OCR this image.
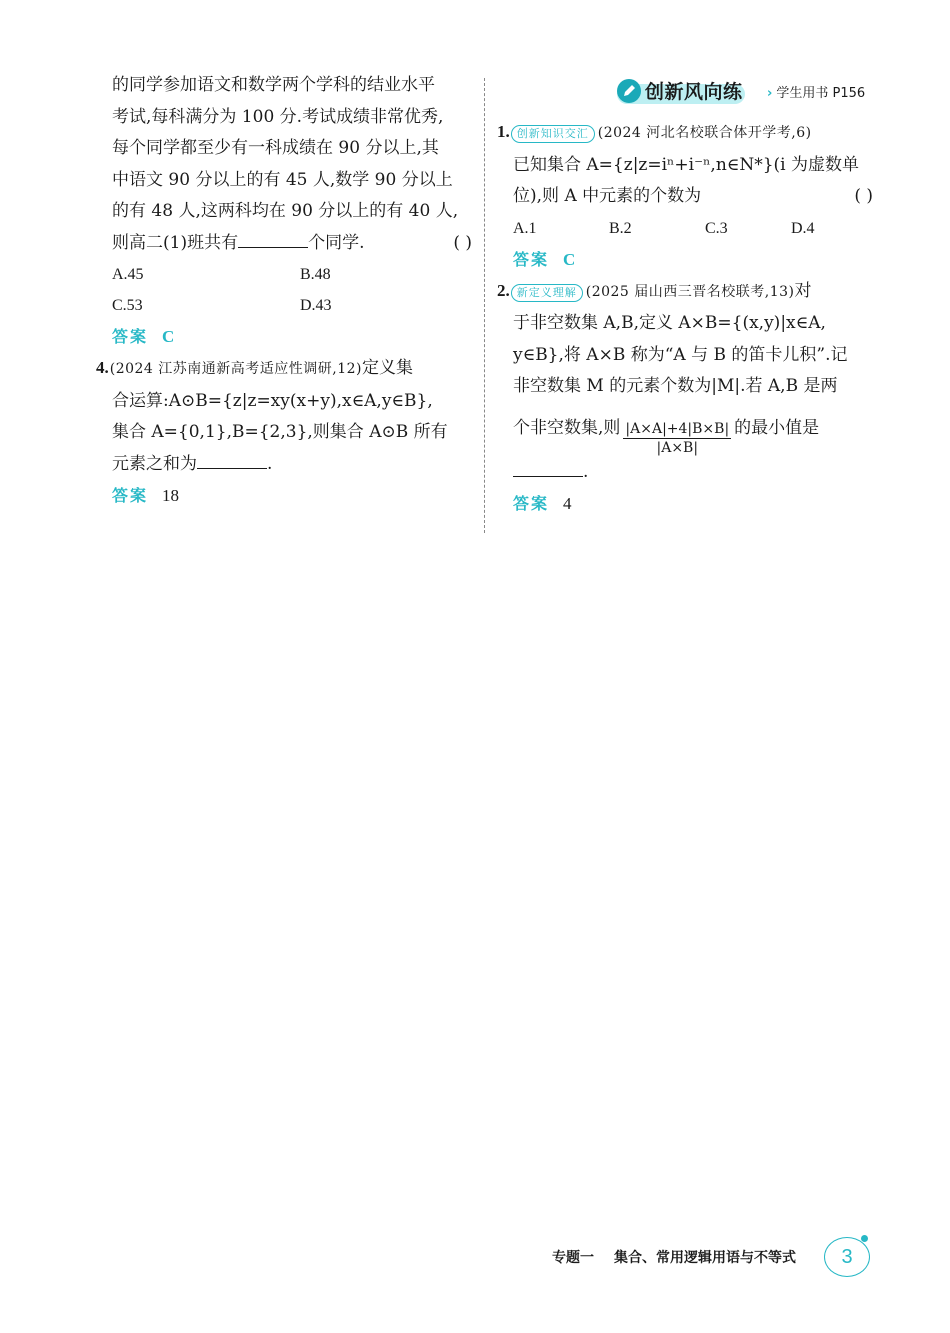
的同学参加语文和数学两个学科的结业水平
考试,每科满分为 100 分.考试成绩非常优秀,
每个同学都至少有一科成绩在 90 分以上,其
中语文 90 分以上的有 45 人,数学 90 分以上
的有 48 人,这两科均在 90 分以上的有 40 人,
则高二(1)班共有	个同学.	( )
A.45	B.48
C.53	D.43
答案 C
4. (2024 江苏南通新高考适应性调研,12) 定义集
合运算:A⊙B={z|z=xy(x+y),x∈A,y∈B},
集合 A={0,1},B={2,3},则集合 A⊙B 所有
元素之和为	.
答案 18
创新风向练 › 学生用书 P156
1. 创新知识交汇 (2024 河北名校联合体开学考,6)
已知集合 A={z|z=iⁿ+i⁻ⁿ,n∈N*}(i 为虚数单
位),则 A 中元素的个数为	( )
A.1	B.2	C.3	D.4
答案 C
2. 新定义理解 (2025 届山西三晋名校联考,13) 对
于非空数集 A,B,定义 A×B={(x,y)|x∈A,
y∈B},将 A×B 称为“A 与 B 的笛卡儿积”.记
非空数集 M 的元素个数为|M|.若 A,B 是两
个非空数集,则 $\frac{|A\times A|+4|B\times B|}{|A\times B|}$ 的最小值是
.
答案 4
专题一 集合、常用逻辑用语与不等式	3
